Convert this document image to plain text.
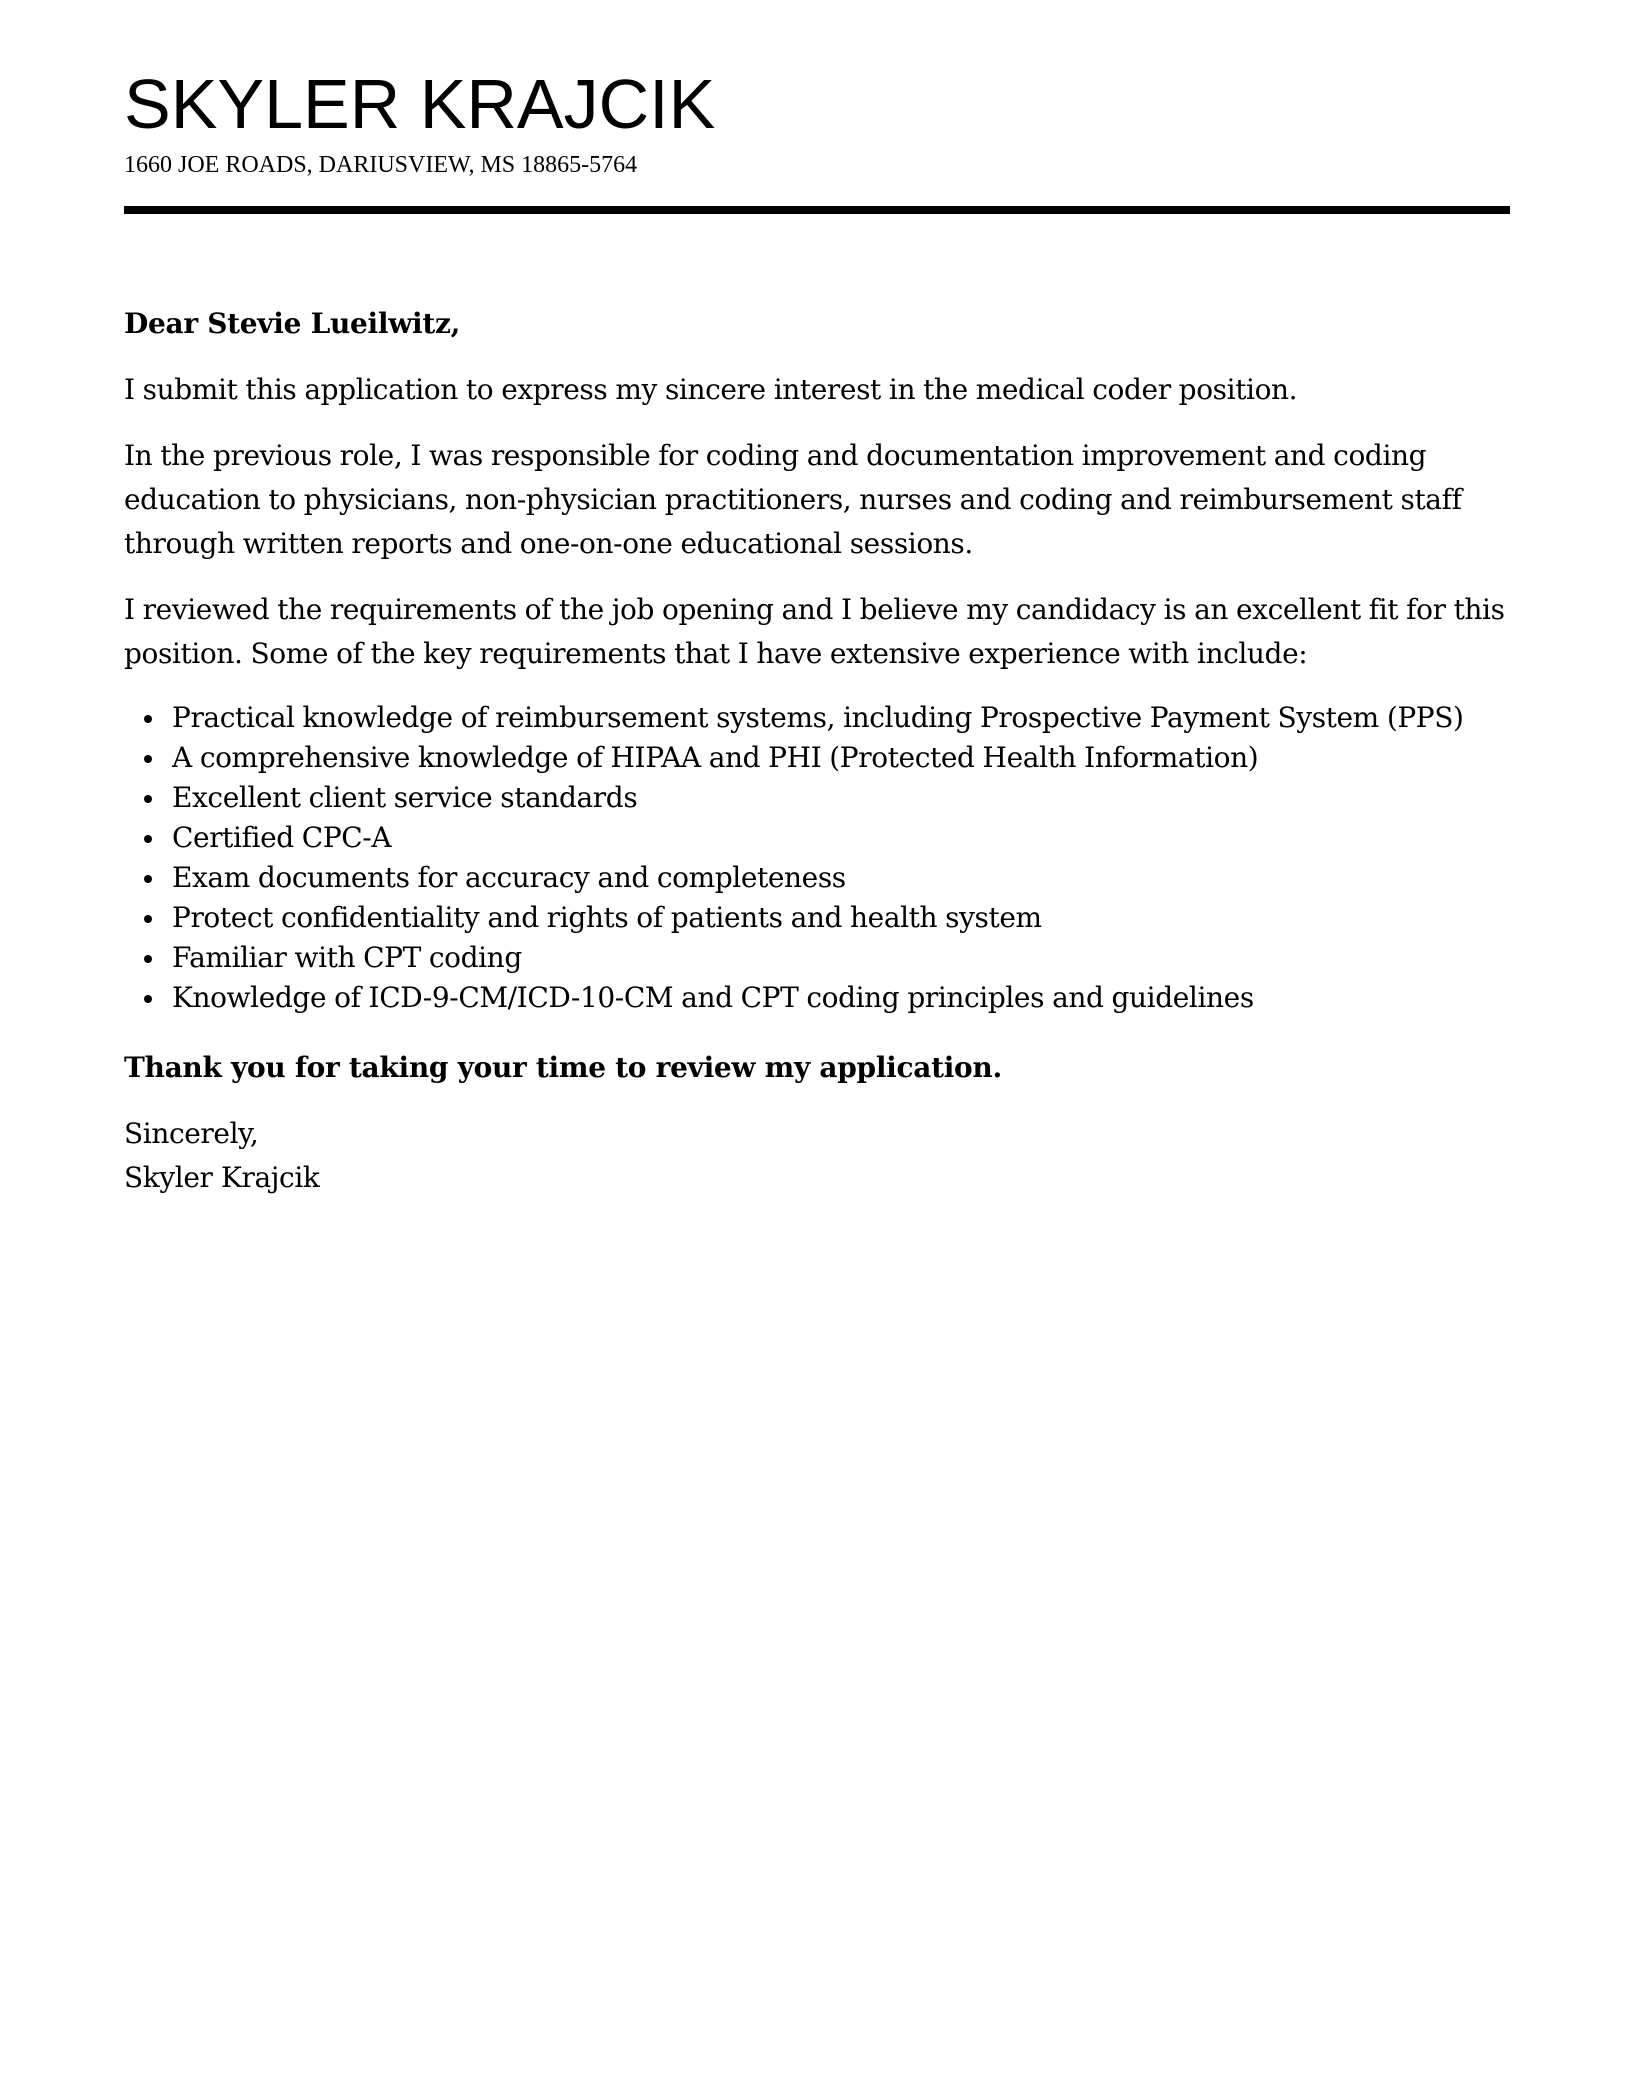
SKYLER KRAJCIK
1660 JOE ROADS, DARIUSVIEW, MS 18865-5764

Dear Stevie Lueilwitz,

I submit this application to express my sincere interest in the medical coder position.

In the previous role, I was responsible for coding and documentation improvement and coding education to physicians, non-physician practitioners, nurses and coding and reimbursement staff through written reports and one-on-one educational sessions.

I reviewed the requirements of the job opening and I believe my candidacy is an excellent fit for this position. Some of the key requirements that I have extensive experience with include:

Practical knowledge of reimbursement systems, including Prospective Payment System (PPS)
A comprehensive knowledge of HIPAA and PHI (Protected Health Information)
Excellent client service standards
Certified CPC-A
Exam documents for accuracy and completeness
Protect confidentiality and rights of patients and health system
Familiar with CPT coding
Knowledge of ICD-9-CM/ICD-10-CM and CPT coding principles and guidelines

Thank you for taking your time to review my application.

Sincerely,
Skyler Krajcik
